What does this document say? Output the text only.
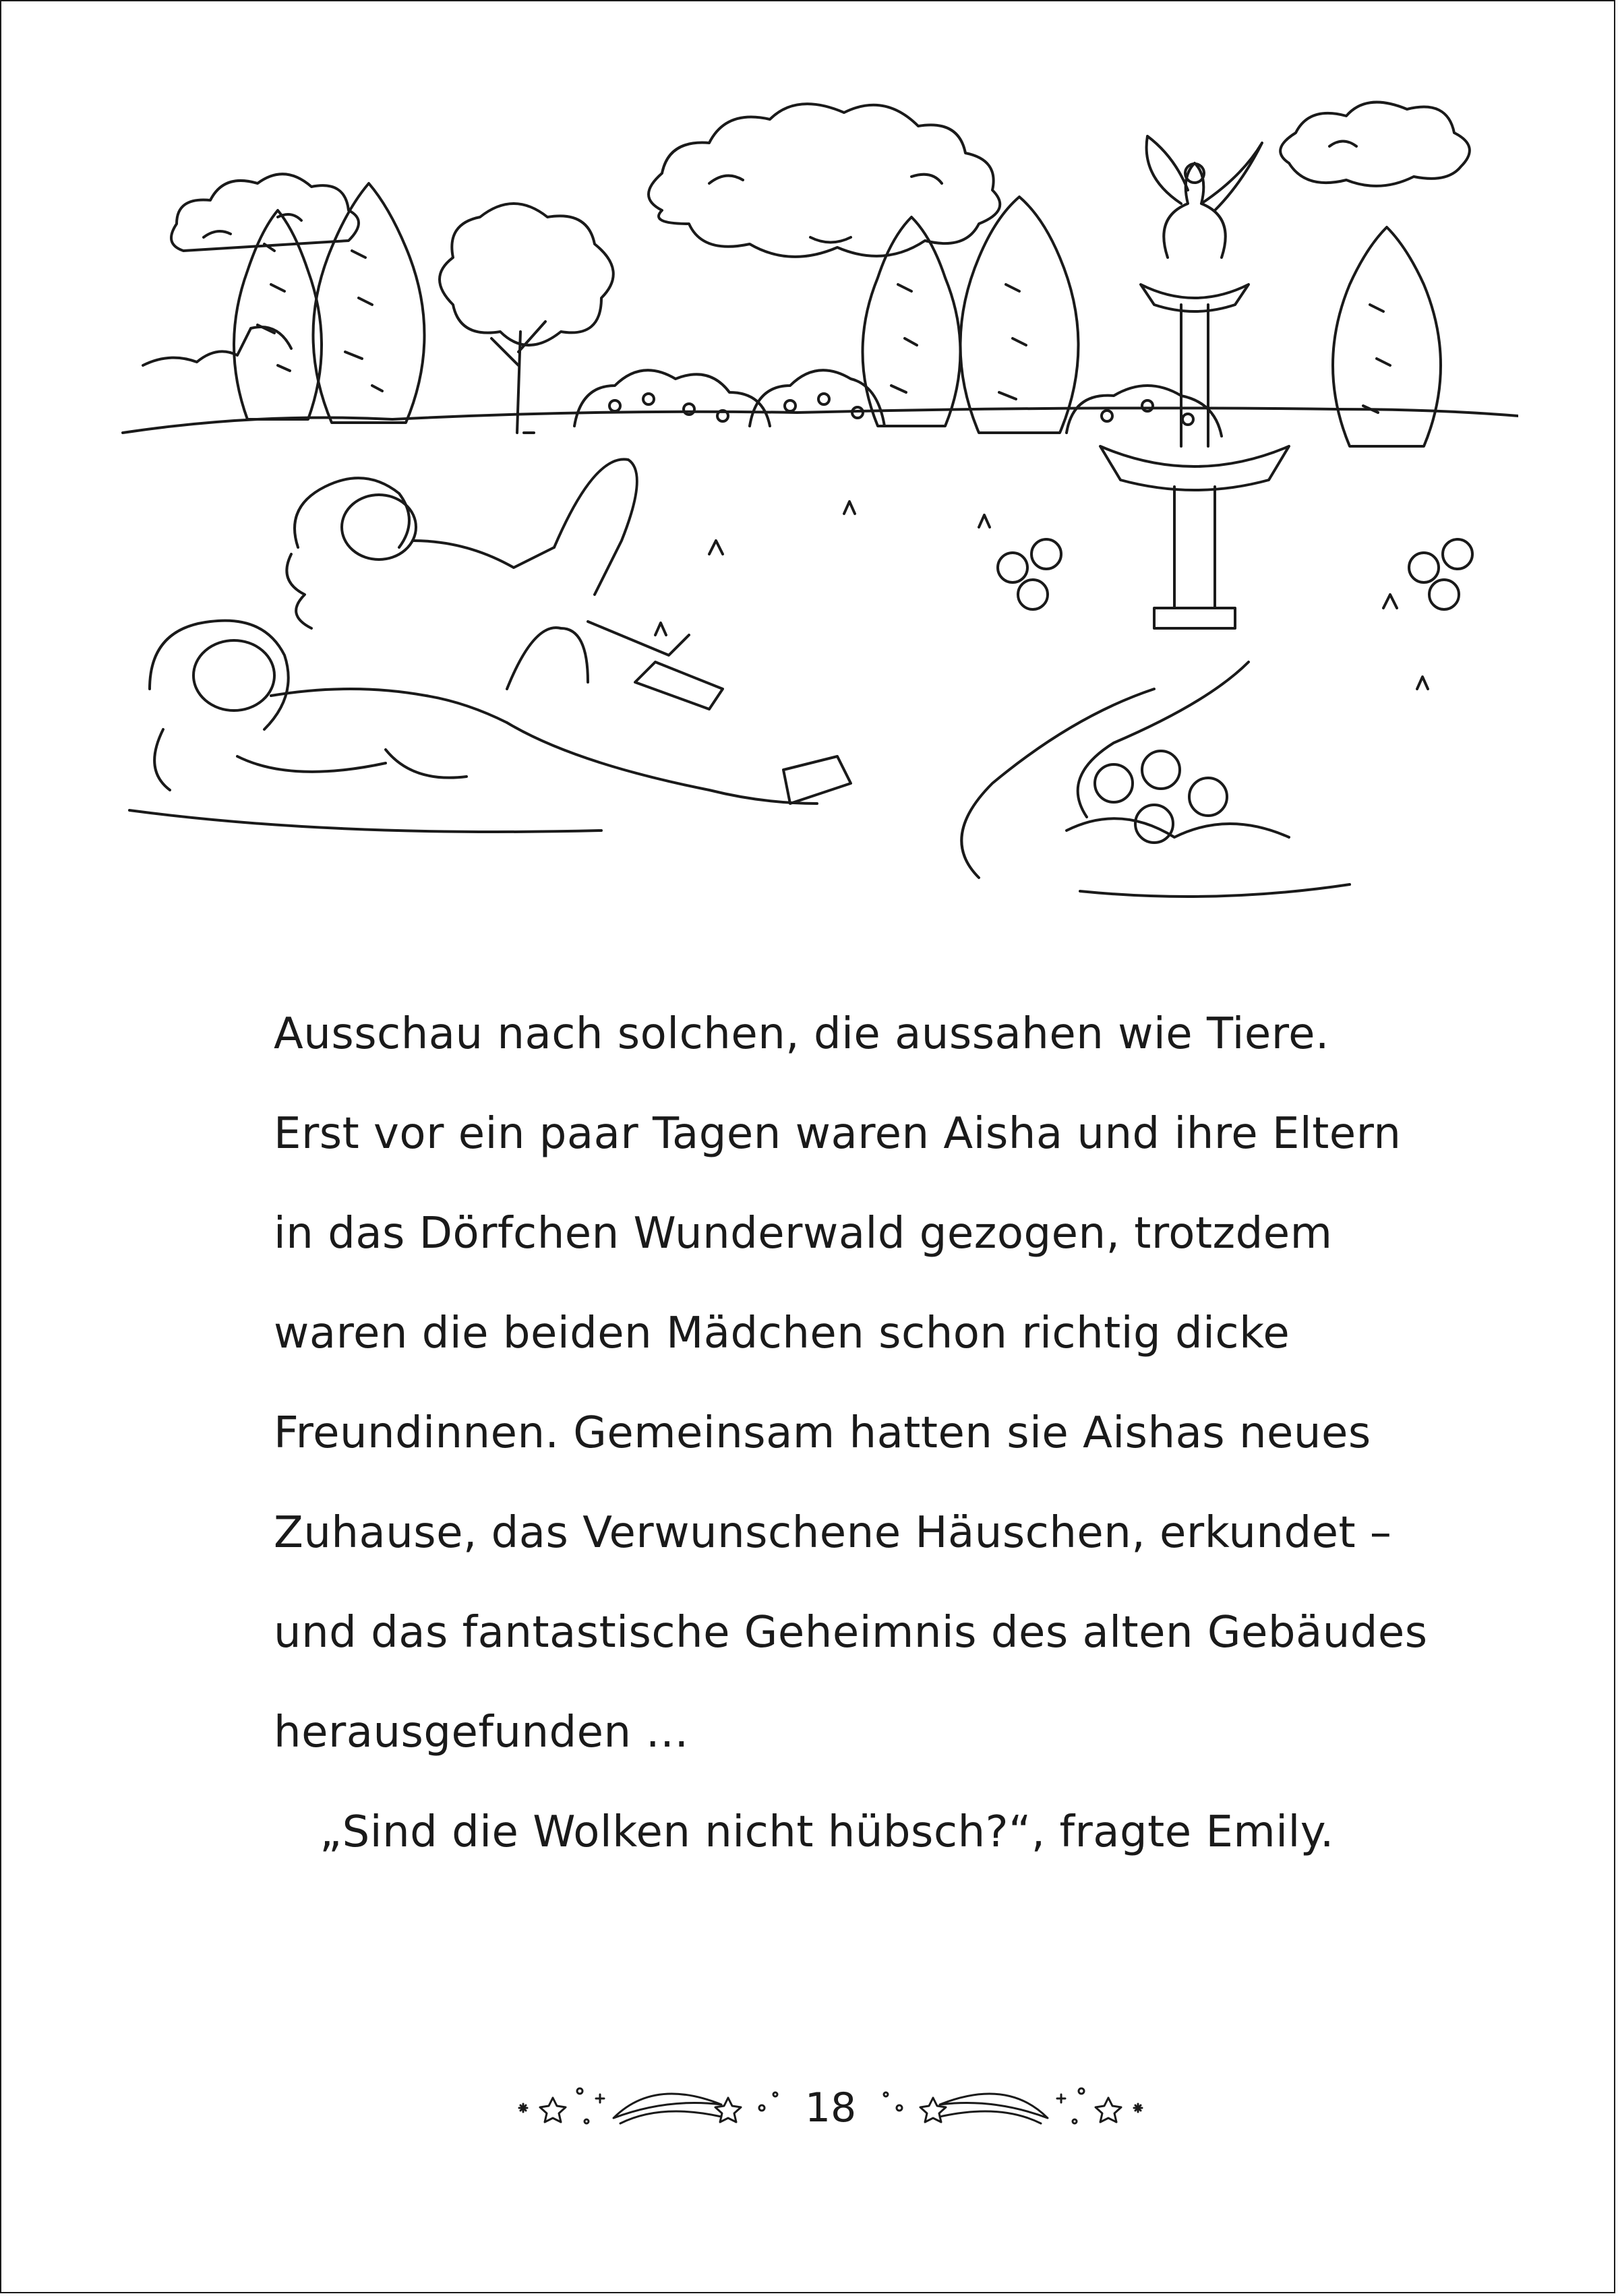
Ausschau nach solchen, die aussahen wie Tiere.

Erst vor ein paar Tagen waren Aisha und ihre Eltern

in das Dörfchen Wunderwald gezogen, trotzdem

waren die beiden Mädchen schon richtig dicke

Freundinnen. Gemeinsam hatten sie Aishas neues

Zuhause, das Verwunschene Häuschen, erkundet –

und das fantastische Geheimnis des alten Gebäudes

herausgefunden …

„Sind die Wolken nicht hübsch?“, fragte Emily.

18
